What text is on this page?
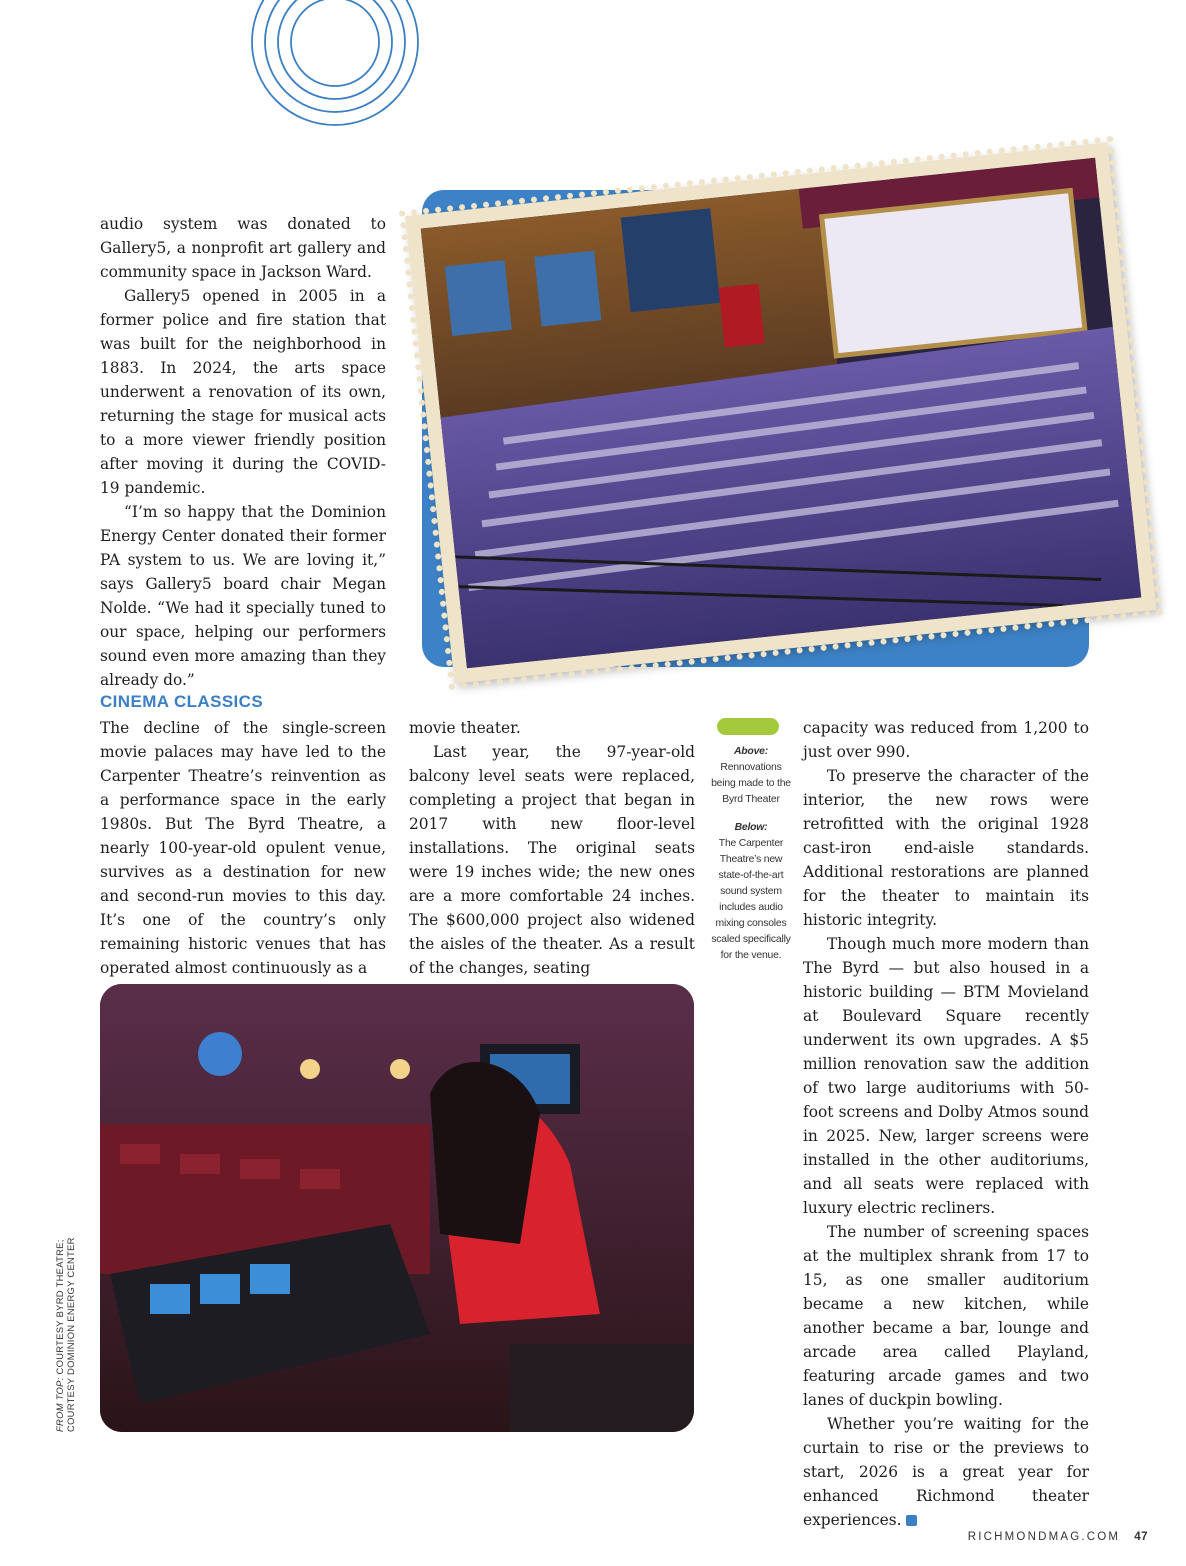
audio system was donated to Gallery5, a nonprofit art gallery and community space in Jackson Ward.

Gallery5 opened in 2005 in a former police and fire station that was built for the neighborhood in 1883. In 2024, the arts space underwent a renovation of its own, returning the stage for musical acts to a more viewer friendly position after moving it during the COVID-19 pandemic.

“I’m so happy that the Dominion Energy Center donated their former PA system to us. We are loving it,” says Gallery5 board chair Megan Nolde. “We had it specially tuned to our space, helping our performers sound even more amazing than they already do.”

CINEMA CLASSICS

The decline of the single-screen movie palaces may have led to the Carpenter Theatre’s reinvention as a performance space in the early 1980s. But The Byrd Theatre, a nearly 100-year-old opulent venue, survives as a destination for new and second-run movies to this day. It’s one of the country’s only remaining historic venues that has operated almost continuously as a

movie theater.

Last year, the 97-year-old balcony level seats were replaced, completing a project that began in 2017 with new floor-level installations. The original seats were 19 inches wide; the new ones are a more comfortable 24 inches. The $600,000 project also widened the aisles of the theater. As a result of the changes, seating

capacity was reduced from 1,200 to just over 990.

To preserve the character of the interior, the new rows were retrofitted with the original 1928 cast-iron end-aisle standards. Additional restorations are planned for the theater to maintain its historic integrity.

Though much more modern than The Byrd — but also housed in a historic building — BTM Movieland at Boulevard Square recently underwent its own upgrades. A $5 million renovation saw the addition of two large auditoriums with 50-foot screens and Dolby Atmos sound in 2025. New, larger screens were installed in the other auditoriums, and all seats were replaced with luxury electric recliners.

The number of screening spaces at the multiplex shrank from 17 to 15, as one smaller auditorium became a new kitchen, while another became a bar, lounge and arcade area called Playland, featuring arcade games and two lanes of duckpin bowling.

Whether you’re waiting for the curtain to rise or the previews to start, 2026 is a great year for enhanced Richmond theater experiences.

Above:
Rennovations being made to the Byrd Theater
Below:
The Carpenter Theatre’s new state-of-the-art sound system includes audio mixing consoles scaled specifically for the venue.
FROM TOP: COURTESY BYRD THEATRE; COURTESY DOMINION ENERGY CENTER
RICHMONDMAG.COM 47
